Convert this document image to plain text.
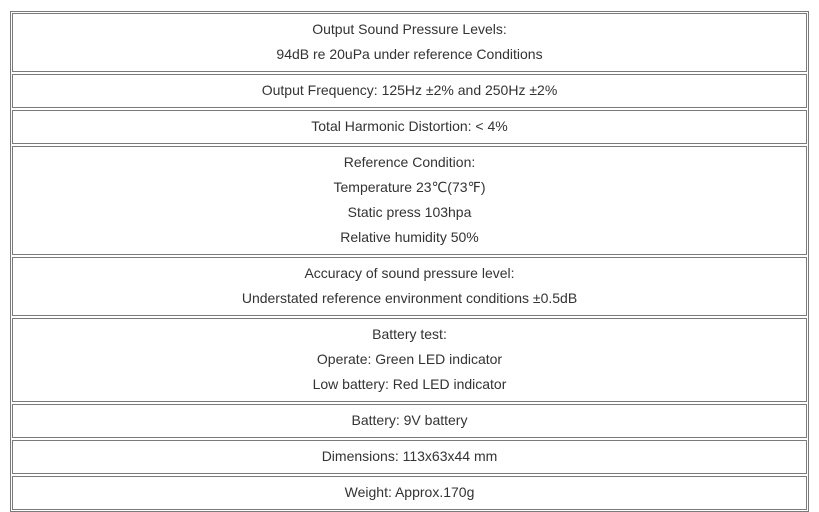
Output Sound Pressure Levels:
94dB re 20uPa under reference Conditions
Output Frequency: 125Hz ±2% and 250Hz ±2%
Total Harmonic Distortion: < 4%
Reference Condition:
Temperature 23℃(73℉)
Static press 103hpa
Relative humidity 50%
Accuracy of sound pressure level:
Understated reference environment conditions ±0.5dB
Battery test:
Operate: Green LED indicator
Low battery: Red LED indicator
Battery: 9V battery
Dimensions: 113x63x44 mm
Weight: Approx.170g
